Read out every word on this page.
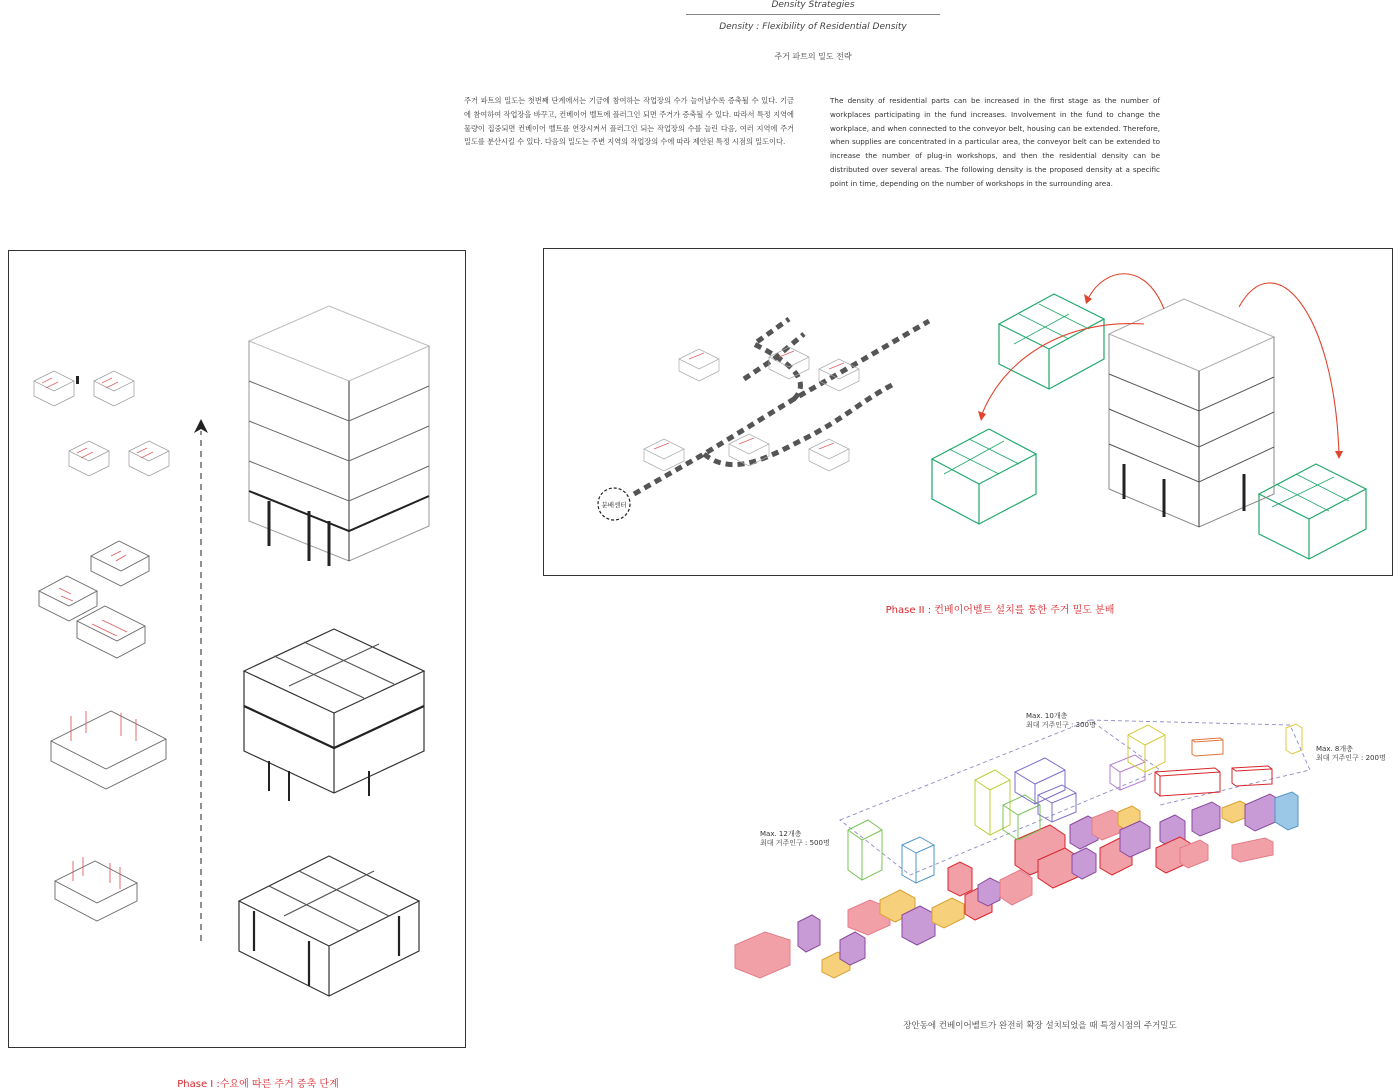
Density Strategies
Density : Flexibility of Residential Density
주거 파트의 밀도 전략
주거 파트의 밀도는 첫번째 단계에서는 기금에 참여하는 작업장의 수가 늘어날수록 증축될 수 있다. 기금에 참여하여 작업장을 바꾸고, 컨베이어 벨트에 플러그인 되면 주거가 증축될 수 있다. 따라서 특정 지역에 물량이 집중되면 컨베이어 벨트를 연장시켜서 플러그인 되는 작업장의 수를 늘린 다음, 여러 지역에 주거 밀도를 분산시킬 수 있다. 다음의 밀도는 주변 지역의 작업장의 수에 따라 제안된 특정 시점의 밀도이다.
The density of residential parts can be increased in the first stage as the number of workplaces participating in the fund increases. Involvement in the fund to change the workplace, and when connected to the conveyor belt, housing can be extended. Therefore, when supplies are concentrated in a particular area, the conveyor belt can be extended to increase the number of plug-in workshops, and then the residential density can be distributed over several areas. The following density is the proposed density at a specific point in time, depending on the number of workshops in the surrounding area.
Phase I :수요에 따른 주거 증축 단계
분배센터
Phase II : 컨베이어벨트 설치를 통한 주거 밀도 분배
Max. 10개층
최대 거주인구 : 300명
Max. 8개층
최대 거주인구 : 200명
Max. 12개층
최대 거주인구 : 500명
장안동에 컨베이어벨트가 완전히 확장 설치되었을 때 특정시점의 주거밀도
